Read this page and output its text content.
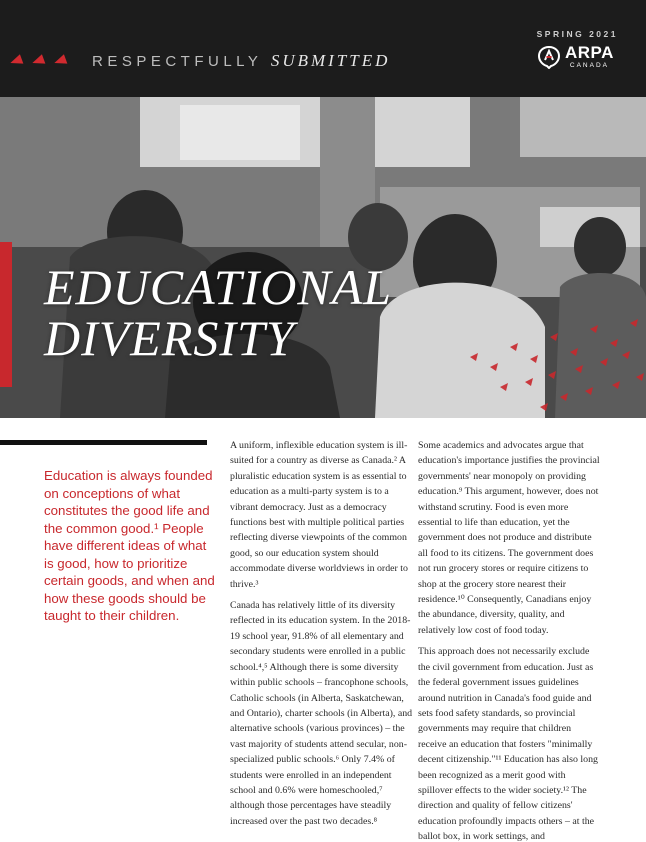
RESPECTFULLY SUBMITTED
SPRING 2021
ARPA
CANADA
EDUCATIONAL
DIVERSITY
Education is always founded on conceptions of what constitutes the good life and the common good.¹ People have different ideas of what is good, how to prioritize certain goods, and when and how these goods should be taught to their children.

A uniform, inflexible education system is ill-suited for a country as diverse as Canada.² A pluralistic education system is as essential to education as a multi-party system is to a vibrant democracy. Just as a democracy functions best with multiple political parties reflecting diverse viewpoints of the common good, so our education system should accommodate diverse worldviews in order to thrive.³

Canada has relatively little of its diversity reflected in its education system. In the 2018-19 school year, 91.8% of all elementary and secondary students were enrolled in a public school.⁴,⁵ Although there is some diversity within public schools – francophone schools, Catholic schools (in Alberta, Saskatchewan, and Ontario), charter schools (in Alberta), and alternative schools (various provinces) – the vast majority of students attend secular, non-specialized public schools.⁶ Only 7.4% of students were enrolled in an independent school and 0.6% were homeschooled,⁷ although those percentages have steadily increased over the past two decades.⁸

Some academics and advocates argue that education's importance justifies the provincial governments' near monopoly on providing education.⁹ This argument, however, does not withstand scrutiny. Food is even more essential to life than education, yet the government does not produce and distribute all food to its citizens. The government does not run grocery stores or require citizens to shop at the grocery store nearest their residence.¹⁰ Consequently, Canadians enjoy the abundance, diversity, quality, and relatively low cost of food today.

This approach does not necessarily exclude the civil government from education. Just as the federal government issues guidelines around nutrition in Canada's food guide and sets food safety standards, so provincial governments may require that children receive an education that fosters "minimally decent citizenship."¹¹ Education has also long been recognized as a merit good with spillover effects to the wider society.¹² The direction and quality of fellow citizens' education profoundly impacts others – at the ballot box, in work settings, and
